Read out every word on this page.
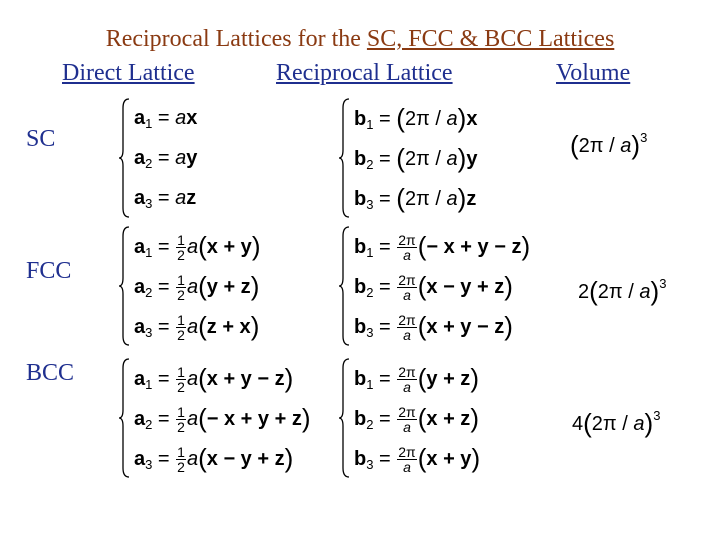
Reciprocal Lattices for the SC, FCC & BCC Lattices
Direct Lattice	Reciprocal Lattice	Volume
SC
FCC
BCC
$a_1$ = ax
$a_2$ = ay
$a_3$ = az
$b_1 = (2\pi / a)x$
$b_2 = (2\pi / a)y$
$b_3 = (2\pi / a)z$
(2π / a)$^3$
$a_1 = \frac{1}{2} a(x + y)$
$a_2 = \frac{1}{2} a(y + z)$
$a_3 = \frac{1}{2} a(z + x)$
$b_1 = \frac{2\pi}{a}$ (− x + y − z)
$b_2 = \frac{2\pi}{a} (x - y + z)$
$b_3 = \frac{2\pi}{a} (x + y - z)$
2(2π / a)$^3$
$a_1 = \frac{1}{2} a(x + y - z)$
$a_2 = \frac{1}{2} a(- x + y + z)$
$a_3 = \frac{1}{2} a(x - y + z)$
$b_1 = \frac{2\pi}{a} (y + z)$
$b_2 = \frac{2\pi}{a} (x + z)$
$b_3 = \frac{2\pi}{a} (x + y)$
4(2π / a)$^3$
